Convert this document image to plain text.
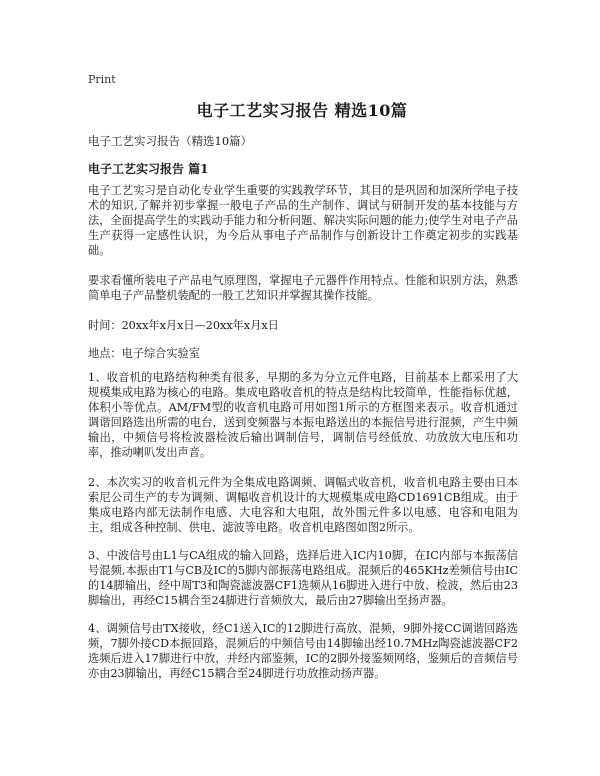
Print
电子工艺实习报告 精选10篇

电子工艺实习报告（精选10篇）

电子工艺实习报告 篇1

电子工艺实习是自动化专业学生重要的实践教学环节，其目的是巩固和加深所学电子技术的知识,了解并初步掌握一般电子产品的生产制作、调试与研制开发的基本技能与方法，全面提高学生的实践动手能力和分析问题、解决实际问题的能力;使学生对电子产品生产获得一定感性认识，为今后从事电子产品制作与创新设计工作奠定初步的实践基础。

要求看懂所装电子产品电气原理图，掌握电子元器件作用特点、性能和识别方法，熟悉简单电子产品整机装配的一般工艺知识并掌握其操作技能。

时间：20xx年x月x日—20xx年x月x日

地点：电子综合实验室

1、收音机的电路结构种类有很多，早期的多为分立元件电路，目前基本上都采用了大规模集成电路为核心的电路。集成电路收音机的特点是结构比较简单，性能指标优越，体积小等优点。AM/FM型的收音机电路可用如图1所示的方框图来表示。收音机通过调谐回路选出所需的电台，送到变频器与本振电路送出的本振信号进行混频，产生中频输出，中频信号将检波器检波后输出调制信号，调制信号经低放、功放放大电压和功率，推动喇叭发出声音。

2、本次实习的收音机元件为全集成电路调频、调幅式收音机，收音机电路主要由日本索尼公司生产的专为调频、调幅收音机设计的大规模集成电路CD1691CB组成。由于集成电路内部无法制作电感、大电容和大电阻，故外围元件多以电感、电容和电阻为主，组成各种控制、供电、滤波等电路。收音机电路图如图2所示。

3、中波信号由L1与CA组成的输入回路，选择后进入IC内10脚，在IC内部与本振荡信号混频,本振由T1与CB及IC的5脚内部振荡电路组成。混频后的465KHz差频信号由IC的14脚输出，经中周T3和陶瓷滤波器CF1选频从16脚进入进行中放、检波，然后由23脚输出，再经C15耦合至24脚进行音频放大，最后由27脚输出至扬声器。

4、调频信号由TX接收，经C1送入IC的12脚进行高放、混频，9脚外接CC调谐回路选频，7脚外接CD本振回路，混频后的中频信号由14脚输出经10.7MHz陶瓷滤波器CF2选频后进入17脚进行中放，并经内部鉴频，IC的2脚外接鉴频网络，鉴频后的音频信号亦由23脚输出，再经C15耦合至24脚进行功放推动扬声器。
